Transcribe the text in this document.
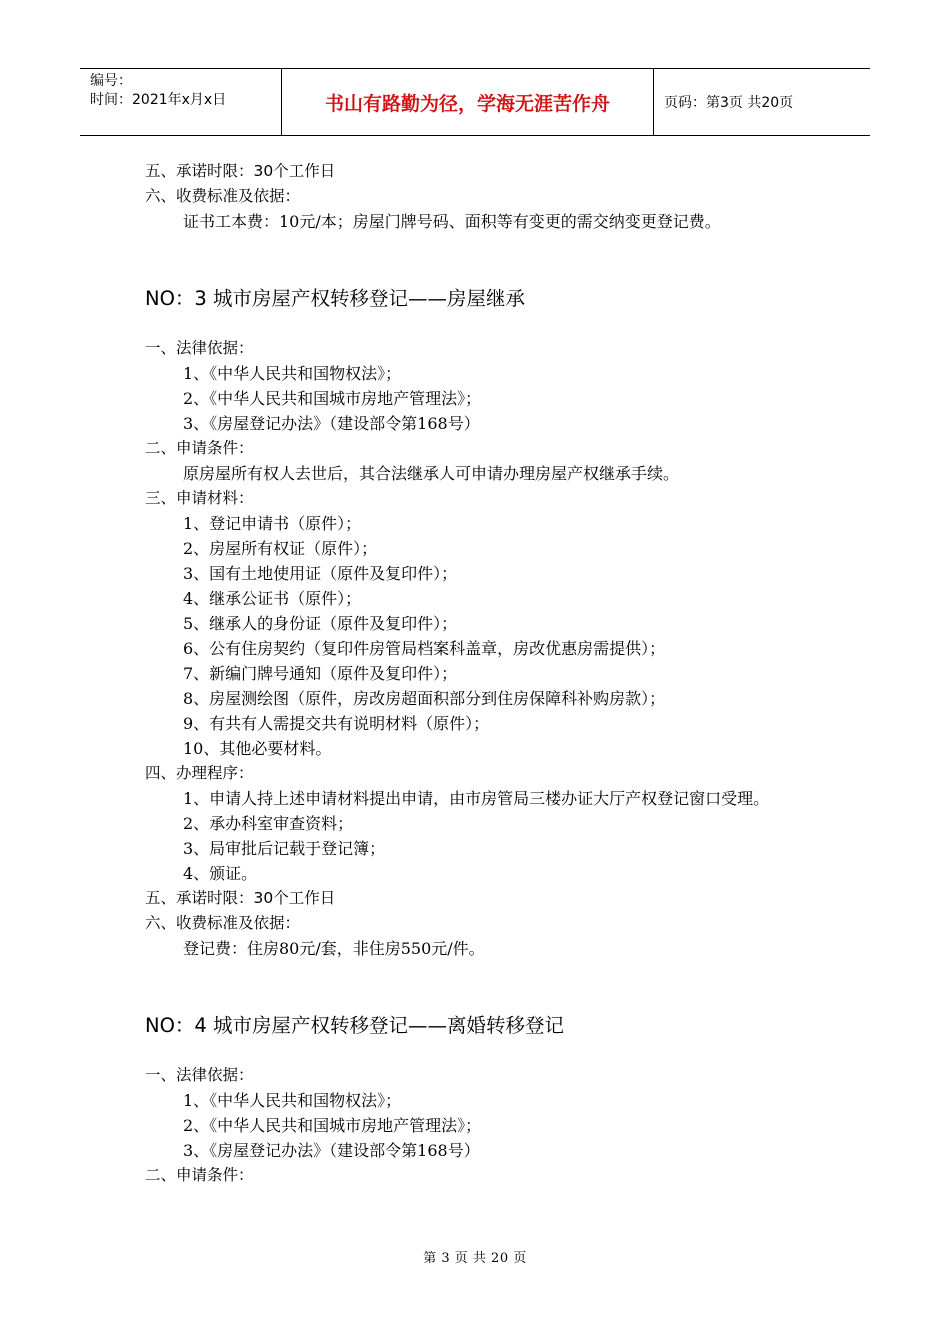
编号：
时间：2021年x月x日	书山有路勤为径，学海无涯苦作舟	页码：第3页 共20页
五、承诺时限：30个工作日
六、收费标准及依据：
证书工本费：10元/本；房屋门牌号码、面积等有变更的需交纳变更登记费。
NO：3 城市房屋产权转移登记——房屋继承
一、法律依据：
1、《中华人民共和国物权法》；
2、《中华人民共和国城市房地产管理法》；
3、《房屋登记办法》（建设部令第168号）
二、申请条件：
原房屋所有权人去世后，其合法继承人可申请办理房屋产权继承手续。
三、申请材料：
1、登记申请书（原件）；
2、房屋所有权证（原件）；
3、国有土地使用证（原件及复印件）；
4、继承公证书（原件）；
5、继承人的身份证（原件及复印件）；
6、公有住房契约（复印件房管局档案科盖章，房改优惠房需提供）；
7、新编门牌号通知（原件及复印件）；
8、房屋测绘图（原件，房改房超面积部分到住房保障科补购房款）；
9、有共有人需提交共有说明材料（原件）；
10、其他必要材料。
四、办理程序：
1、申请人持上述申请材料提出申请，由市房管局三楼办证大厅产权登记窗口受理。
2、承办科室审查资料；
3、局审批后记载于登记簿；
4、颁证。
五、承诺时限：30个工作日
六、收费标准及依据：
登记费：住房80元/套，非住房550元/件。
NO：4 城市房屋产权转移登记——离婚转移登记
一、法律依据：
1、《中华人民共和国物权法》；
2、《中华人民共和国城市房地产管理法》；
3、《房屋登记办法》（建设部令第168号）
二、申请条件：
第 3 页 共 20 页
